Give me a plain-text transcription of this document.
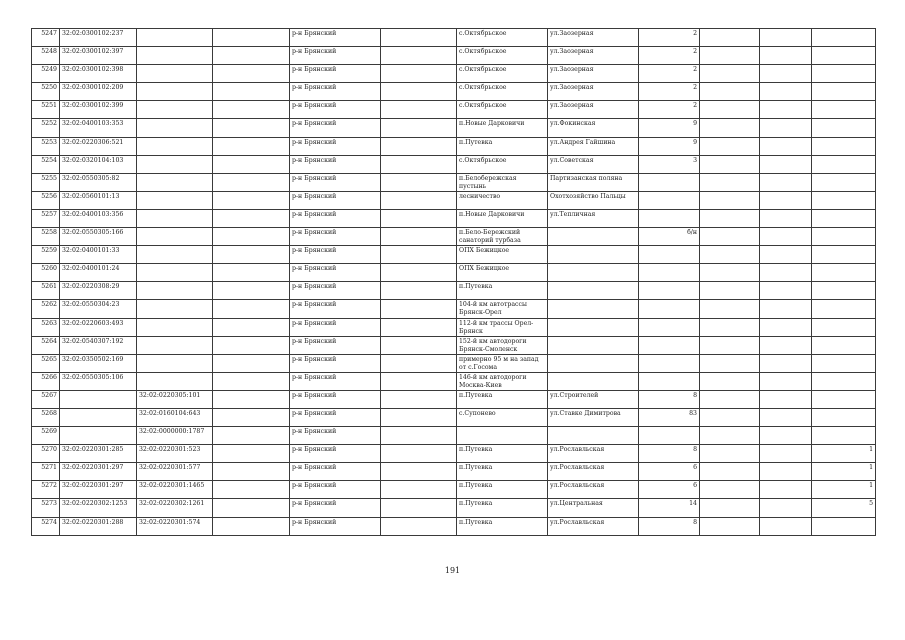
5247	32:02:0300102:237			р-н Брянский		с.Октябрьское	ул.Заозерная	2			
5248	32:02:0300102:397			р-н Брянский		с.Октябрьское	ул.Заозерная	2			
5249	32:02:0300102:398			р-н Брянский		с.Октябрьское	ул.Заозерная	2			
5250	32:02:0300102:209			р-н Брянский		с.Октябрьское	ул.Заозерная	2			
5251	32:02:0300102:399			р-н Брянский		с.Октябрьское	ул.Заозерная	2			
5252	32:02:0400103:353			р-н Брянский		п.Новые Дарковичи	ул.Фокинская	9			
5253	32:02:0220306:521			р-н Брянский		п.Путевка	ул.Андрея Гайшина	9			
5254	32:02:0320104:103			р-н Брянский		с.Октябрьское	ул.Советская	3			
5255	32:02:0550305:82			р-н Брянский		п.Белобережская пустынь	Партизанская поляна				
5256	32:02:0560101:13			р-н Брянский		лесничество	Охотхозяйство Пальцы				
5257	32:02:0400103:356			р-н Брянский		п.Новые Дарковичи	ул.Тепличная				
5258	32:02:0550305:166			р-н Брянский		п.Бело-Бережский санаторий турбаза		б/н			
5259	32:02:0400101:33			р-н Брянский		ОПХ Бежицкое					
5260	32:02:0400101:24			р-н Брянский		ОПХ Бежицкое					
5261	32:02:0220308:29			р-н Брянский		п.Путевка					
5262	32:02:0550304:23			р-н Брянский		104-й км автотрассы Брянск-Орел					
5263	32:02:0220603:493			р-н Брянский		112-й км трассы Орел-Брянск					
5264	32:02:0540307:192			р-н Брянский		152-й км автодороги Брянск-Смоленск					
5265	32:02:0350502:169			р-н Брянский		примерно 95 м на запад от с.Госома					
5266	32:02:0550305:106			р-н Брянский		146-й км автодороги Москва-Киев					
5267		32:02:0220305:101		р-н Брянский		п.Путевка	ул.Строителей	8			
5268		32:02:0160104:643		р-н Брянский		с.Супонево	ул.Ставке Димитрова	83			
5269		32:02:0000000:1787		р-н Брянский							
5270	32:02:0220301:285	32:02:0220301:523		р-н Брянский		п.Путевка	ул.Рославльская	8			1
5271	32:02:0220301:297	32:02:0220301:577		р-н Брянский		п.Путевка	ул.Рославльская	6			1
5272	32:02:0220301:297	32:02:0220301:1465		р-н Брянский		п.Путевка	ул.Рославльская	6			1
5273	32:02:0220302:1253	32:02:0220302:1261		р-н Брянский		п.Путевка	ул.Центральная	14			5
5274	32:02:0220301:288	32:02:0220301:574		р-н Брянский		п.Путевка	ул.Рославльская	8			
191
